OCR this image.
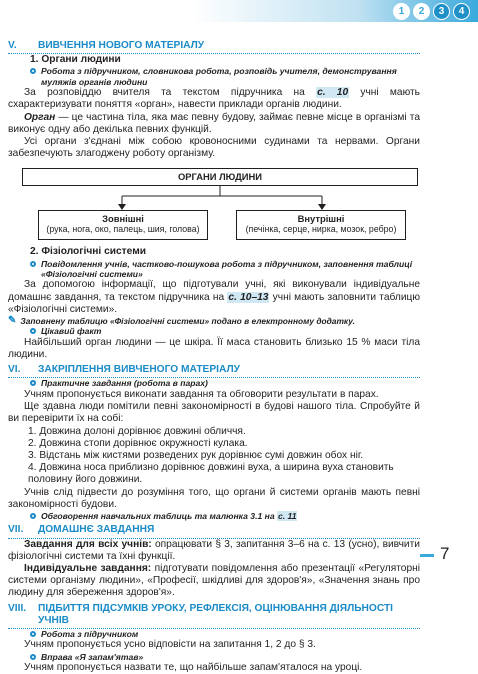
1	2	3	4
V.	ВИВЧЕННЯ НОВОГО МАТЕРІАЛУ
1. Органи людини
Робота з підручником, словникова робота, розповідь учителя, демонстрування муляжів органів людини

За розповіддю вчителя та текстом підручника на с. 10 учні мають схарактеризувати поняття «орган», навести приклади органів людини.

Орган — це частина тіла, яка має певну будову, займає певне місце в організмі та виконує одну або декілька певних функцій.

Усі органи з'єднані між собою кровоносними судинами та нервами. Органи забезпечують злагоджену роботу організму.

ОРГАНИ ЛЮДИНИ
Зовнішні
(рука, нога, око, палець, шия, голова)
Внутрішні
(печінка, серце, нирка, мозок, ребро)
2. Фізіологічні системи
Повідомлення учнів, частково-пошукова робота з підручником, заповнення таблиці «Фізіологічні системи»

За допомогою інформації, що підготували учні, які виконували індивідуальне домашнє завдання, та текстом підручника на с. 10–13 учні мають заповнити таблицю «Фізіологічні системи».

✎ Заповнену таблицю «Фізіологічні системи» подано в електронному додатку.
Цікавий факт

Найбільший орган людини — це шкіра. Її маса становить близько 15 % маси тіла людини.

VI.	ЗАКРІПЛЕННЯ ВИВЧЕНОГО МАТЕРІАЛУ
Практичне завдання (робота в парах)

Учням пропонується виконати завдання та обговорити результати в парах.

Ще здавна люди помітили певні закономірності в будові нашого тіла. Спробуйте й ви перевірити їх на собі:

1. Довжина долоні дорівнює довжині обличчя.
2. Довжина стопи дорівнює окружності кулака.
3. Відстань між кистями розведених рук дорівнює сумі довжин обох ніг.
4. Довжина носа приблизно дорівнює довжині вуха, а ширина вуха становить половину його довжини.

Учнів слід підвести до розуміння того, що органи й системи органів мають певні закономірності будови.

Обговорення навчальних таблиць та малюнка 3.1 на с. 11
VII.	ДОМАШНЄ ЗАВДАННЯ

Завдання для всіх учнів: опрацювати § 3, запитання 3–6 на с. 13 (усно), вивчити фізіологічні системи та їхні функції.

Індивідуальне завдання: підготувати повідомлення або презентації «Регуляторні системи організму людини», «Професії, шкідливі для здоров'я», «Значення знань про людину для збереження здоров'я».

VIII.	ПІДБИТТЯ ПІДСУМКІВ УРОКУ, РЕФЛЕКСІЯ, ОЦІНЮВАННЯ ДІЯЛЬНОСТІ УЧНІВ
Робота з підручником

Учням пропонується усно відповісти на запитання 1, 2 до § 3.

Вправа «Я запам'ятав»

Учням пропонується назвати те, що найбільше запам'яталося на уроці.

7
